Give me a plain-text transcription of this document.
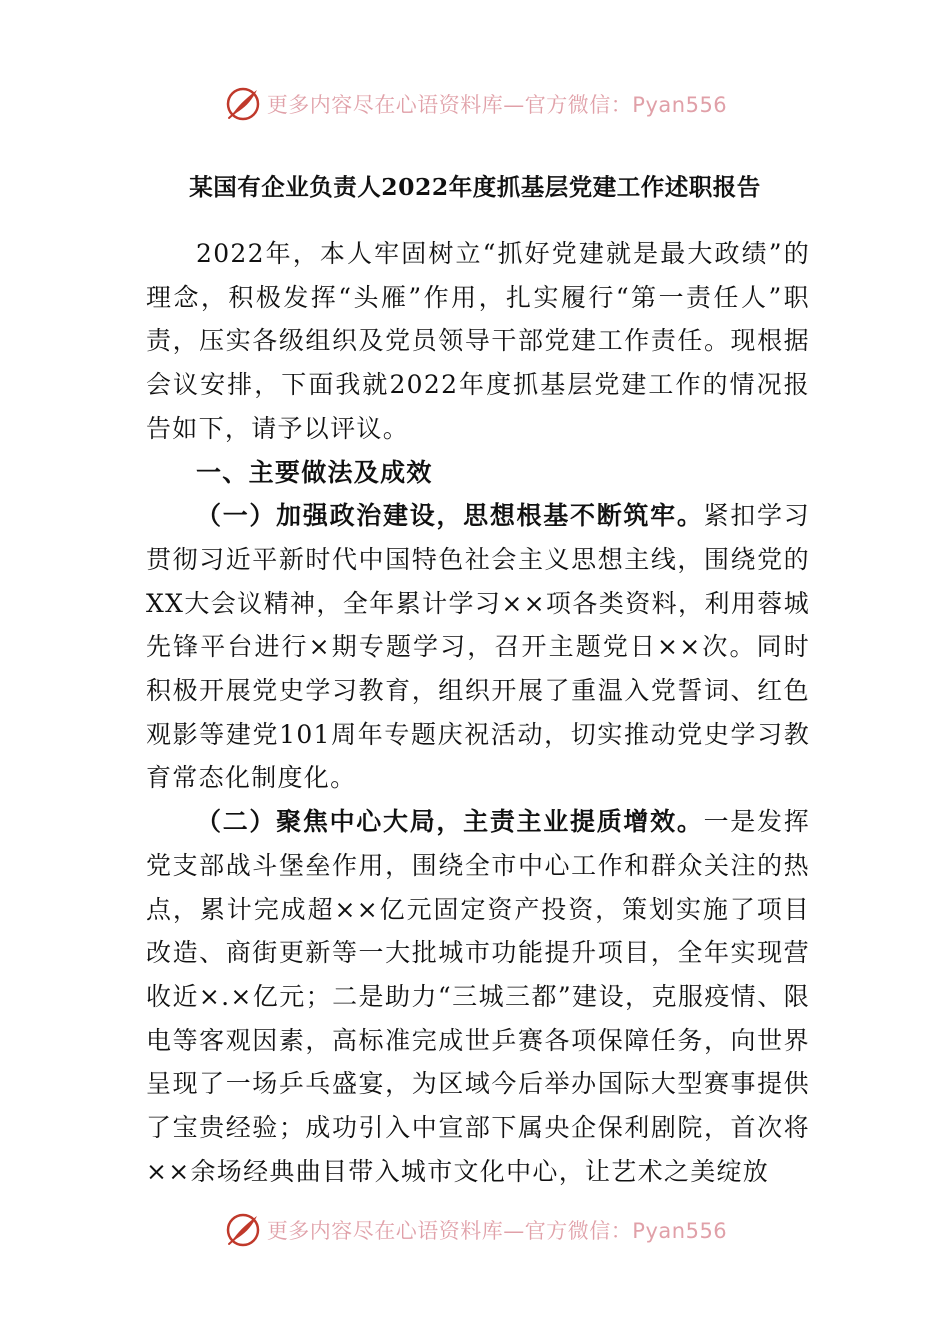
更多内容尽在心语资料库—官方微信：Pyan556
某国有企业负责人2022年度抓基层党建工作述职报告

2022年，本人牢固树立“抓好党建就是最大政绩”的理念，积极发挥“头雁”作用，扎实履行“第一责任人”职责，压实各级组织及党员领导干部党建工作责任。现根据会议安排，下面我就2022年度抓基层党建工作的情况报告如下，请予以评议。

一、主要做法及成效

（一）加强政治建设，思想根基不断筑牢。紧扣学习贯彻习近平新时代中国特色社会主义思想主线，围绕党的XX大会议精神，全年累计学习××项各类资料，利用蓉城先锋平台进行×期专题学习，召开主题党日××次。同时积极开展党史学习教育，组织开展了重温入党誓词、红色观影等建党101周年专题庆祝活动，切实推动党史学习教育常态化制度化。

（二）聚焦中心大局，主责主业提质增效。一是发挥党支部战斗堡垒作用，围绕全市中心工作和群众关注的热点，累计完成超××亿元固定资产投资，策划实施了项目改造、商街更新等一大批城市功能提升项目，全年实现营收近×.×亿元；二是助力“三城三都”建设，克服疫情、限电等客观因素，高标准完成世乒赛各项保障任务，向世界呈现了一场乒乓盛宴，为区域今后举办国际大型赛事提供了宝贵经验；成功引入中宣部下属央企保利剧院，首次将××余场经典曲目带入城市文化中心，让艺术之美绽放

更多内容尽在心语资料库—官方微信：Pyan556
